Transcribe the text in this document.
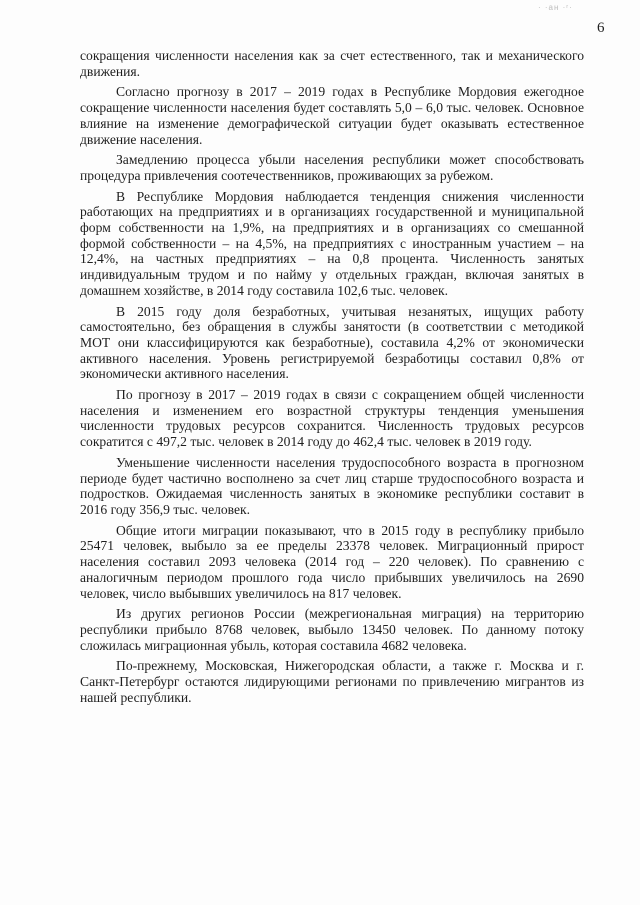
· ·ан ·ʳ·
6

сокращения численности населения как за счет естественного, так и механического движения.

Согласно прогнозу в 2017 – 2019 годах в Республике Мордовия ежегодное сокращение численности населения будет составлять 5,0 – 6,0 тыс. человек. Основное влияние на изменение демографической ситуации будет оказывать естественное движение населения.

Замедлению процесса убыли населения республики может способствовать процедура привлечения соотечественников, проживающих за рубежом.

В Республике Мордовия наблюдается тенденция снижения численности работающих на предприятиях и в организациях государственной и муниципальной форм собственности на 1,9%, на предприятиях и в организациях со смешанной формой собственности – на 4,5%, на предприятиях с иностранным участием – на 12,4%, на частных предприятиях – на 0,8 процента. Численность занятых индивидуальным трудом и по найму у отдельных граждан, включая занятых в домашнем хозяйстве, в 2014 году составила 102,6 тыс. человек.

В 2015 году доля безработных, учитывая незанятых, ищущих работу самостоятельно, без обращения в службы занятости (в соответствии с методикой МОТ они классифицируются как безработные), составила 4,2% от экономически активного населения. Уровень регистрируемой безработицы составил 0,8% от экономически активного населения.

По прогнозу в 2017 – 2019 годах в связи с сокращением общей численности населения и изменением его возрастной структуры тенденция уменьшения численности трудовых ресурсов сохранится. Численность трудовых ресурсов сократится с 497,2 тыс. человек в 2014 году до 462,4 тыс. человек в 2019 году.

Уменьшение численности населения трудоспособного возраста в прогнозном периоде будет частично восполнено за счет лиц старше трудоспособного возраста и подростков. Ожидаемая численность занятых в экономике республики составит в 2016 году 356,9 тыс. человек.

Общие итоги миграции показывают, что в 2015 году в республику прибыло 25471 человек, выбыло за ее пределы 23378 человек. Миграционный прирост населения составил 2093 человека (2014 год – 220 человек). По сравнению с аналогичным периодом прошлого года число прибывших увеличилось на 2690 человек, число выбывших увеличилось на 817 человек.

Из других регионов России (межрегиональная миграция) на территорию республики прибыло 8768 человек, выбыло 13450 человек. По данному потоку сложилась миграционная убыль, которая составила 4682 человека.

По-прежнему, Московская, Нижегородская области, а также г. Москва и г. Санкт-Петербург остаются лидирующими регионами по привлечению мигрантов из нашей республики.
